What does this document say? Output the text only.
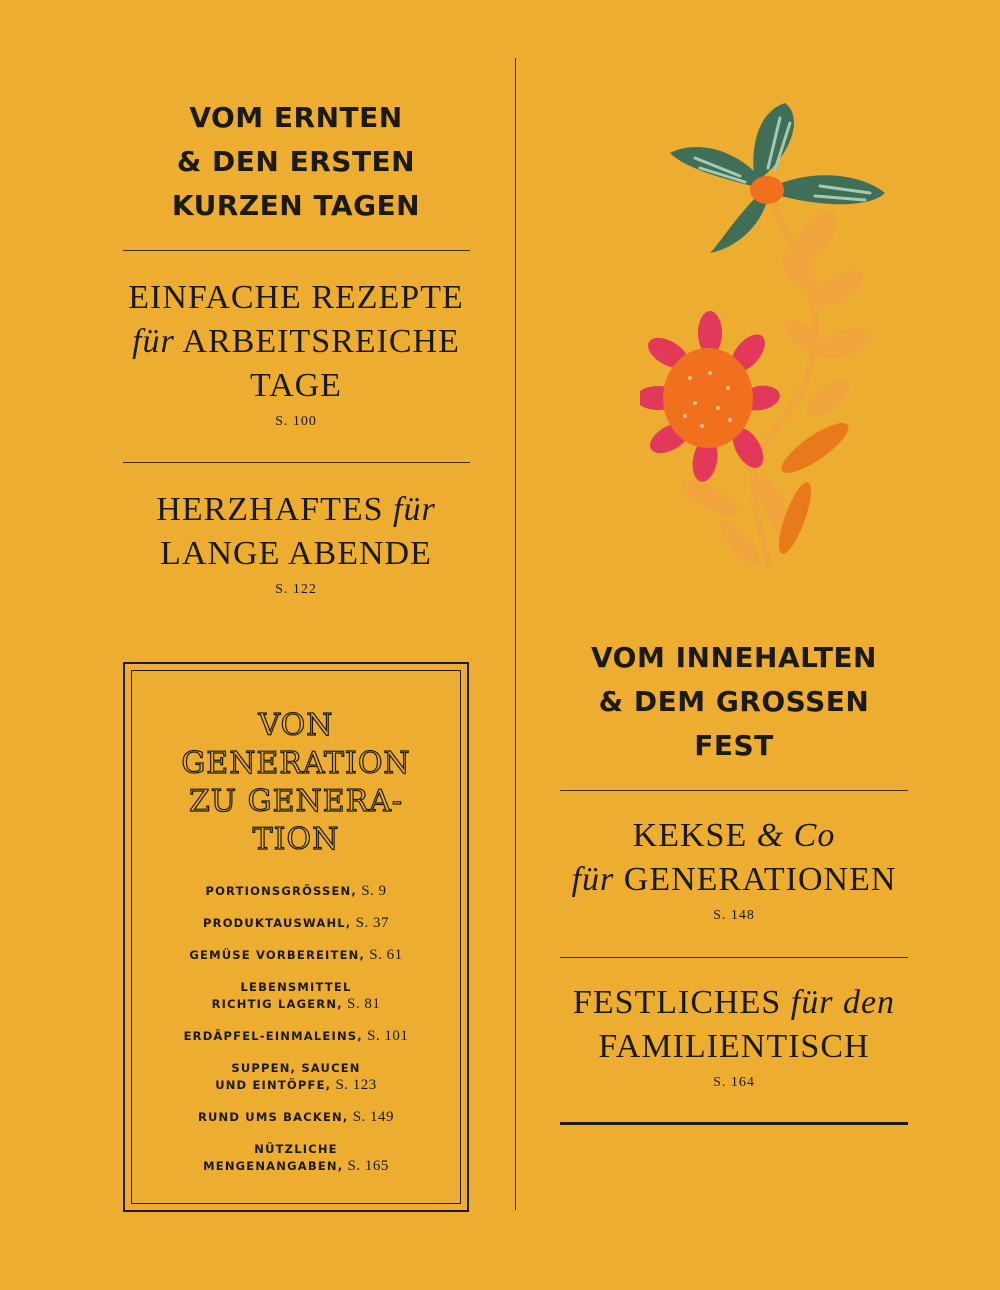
VOM ERNTEN
& DEN ERSTEN
KURZEN TAGEN
EINFACHE REZEPTE
für ARBEITSREICHE
TAGE
S. 100
HERZHAFTES für
LANGE ABENDE
S. 122
VON
GENERATION
ZU GENERA-
TION
PORTIONSGRÖSSEN, S. 9
PRODUKTAUSWAHL, S. 37
GEMÜSE VORBEREITEN, S. 61
LEBENSMITTEL
RICHTIG LAGERN, S. 81
ERDÄPFEL-EINMALEINS, S. 101
SUPPEN, SAUCEN
UND EINTÖPFE, S. 123
RUND UMS BACKEN, S. 149
NÜTZLICHE
MENGENANGABEN, S. 165
VOM INNEHALTEN
& DEM GROSSEN
FEST
KEKSE & Co
für GENERATIONEN
S. 148
FESTLICHES für den
FAMILIENTISCH
S. 164
